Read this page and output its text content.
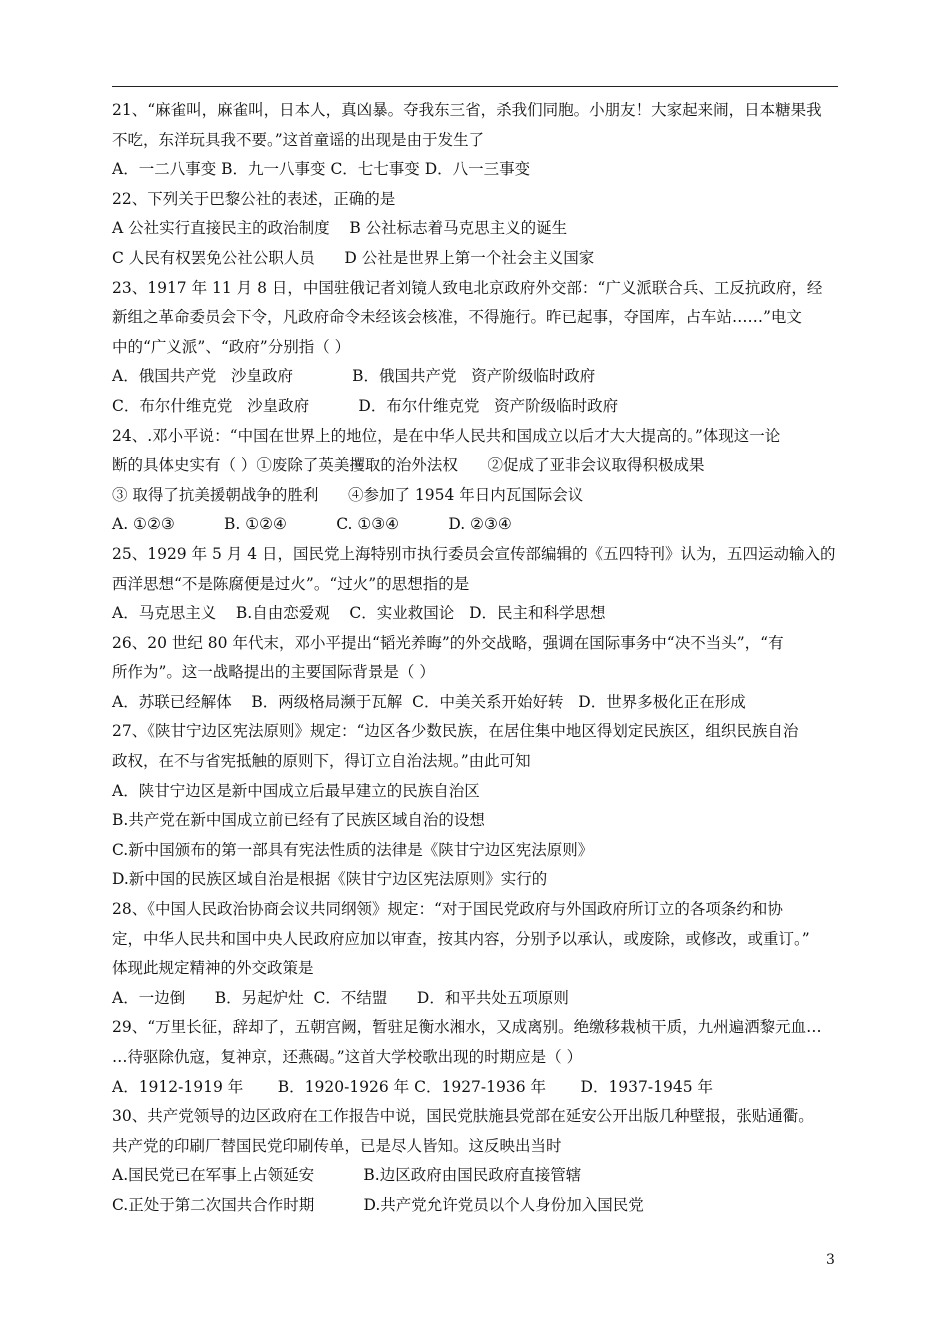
21、“麻雀叫，麻雀叫，日本人，真凶暴。夺我东三省，杀我们同胞。小朋友！大家起来闹，日本糖果我
不吃，东洋玩具我不要。”这首童谣的出现是由于发生了
A．一二八事变 B．九一八事变 C．七七事变 D．八一三事变
22、下列关于巴黎公社的表述，正确的是
A 公社实行直接民主的政治制度    B 公社标志着马克思主义的诞生
C 人民有权罢免公社公职人员      D 公社是世界上第一个社会主义国家
23、1917 年 11 月 8 日，中国驻俄记者刘镜人致电北京政府外交部：“广义派联合兵、工反抗政府，经
新组之革命委员会下令，凡政府命令未经该会核准，不得施行。昨已起事，夺国库，占车站……”电文
中的“广义派”、“政府”分别指（ ）
A．俄国共产党   沙皇政府            B．俄国共产党   资产阶级临时政府
C．布尔什维克党   沙皇政府          D．布尔什维克党   资产阶级临时政府
24、.邓小平说：“中国在世界上的地位，是在中华人民共和国成立以后才大大提高的。”体现这一论
断的具体史实有（ ）①废除了英美攫取的治外法权      ②促成了亚非会议取得积极成果
③ 取得了抗美援朝战争的胜利      ④参加了 1954 年日内瓦国际会议
A. ①②③          B. ①②④          C. ①③④          D. ②③④
25、1929 年 5 月 4 日，国民党上海特别市执行委员会宣传部编辑的《五四特刊》认为，五四运动输入的
西洋思想“不是陈腐便是过火”。“过火”的思想指的是
A．马克思主义    B.自由恋爱观    C．实业救国论   D．民主和科学思想
26、20 世纪 80 年代末，邓小平提出“韬光养晦”的外交战略，强调在国际事务中“决不当头”，“有
所作为”。这一战略提出的主要国际背景是（ ）
A．苏联已经解体    B．两级格局濒于瓦解  C．中美关系开始好转   D．世界多极化正在形成
27、《陕甘宁边区宪法原则》规定：“边区各少数民族，在居住集中地区得划定民族区，组织民族自治
政权，在不与省宪抵触的原则下，得订立自治法规。”由此可知
A．陕甘宁边区是新中国成立后最早建立的民族自治区
B.共产党在新中国成立前已经有了民族区域自治的设想
C.新中国颁布的第一部具有宪法性质的法律是《陕甘宁边区宪法原则》
D.新中国的民族区域自治是根据《陕甘宁边区宪法原则》实行的
28、《中国人民政治协商会议共同纲领》规定：“对于国民党政府与外国政府所订立的各项条约和协
定，中华人民共和国中央人民政府应加以审查，按其内容，分别予以承认，或废除，或修改，或重订。”
体现此规定精神的外交政策是
A．一边倒      B．另起炉灶  C．不结盟      D．和平共处五项原则
29、“万里长征，辞却了，五朝宫阙，暂驻足衡水湘水，又成离别。绝缴移栽桢干质，九州遍洒黎元血…
…待驱除仇寇，复神京，还燕碣。”这首大学校歌出现的时期应是（ ）
A．1912-1919 年       B．1920-1926 年 C．1927-1936 年       D．1937-1945 年
30、共产党领导的边区政府在工作报告中说，国民党肤施县党部在延安公开出版几种壁报，张贴通衢。
共产党的印刷厂替国民党印刷传单，已是尽人皆知。这反映出当时
A.国民党已在军事上占领延安          B.边区政府由国民政府直接管辖
C.正处于第二次国共合作时期          D.共产党允许党员以个人身份加入国民党
3
